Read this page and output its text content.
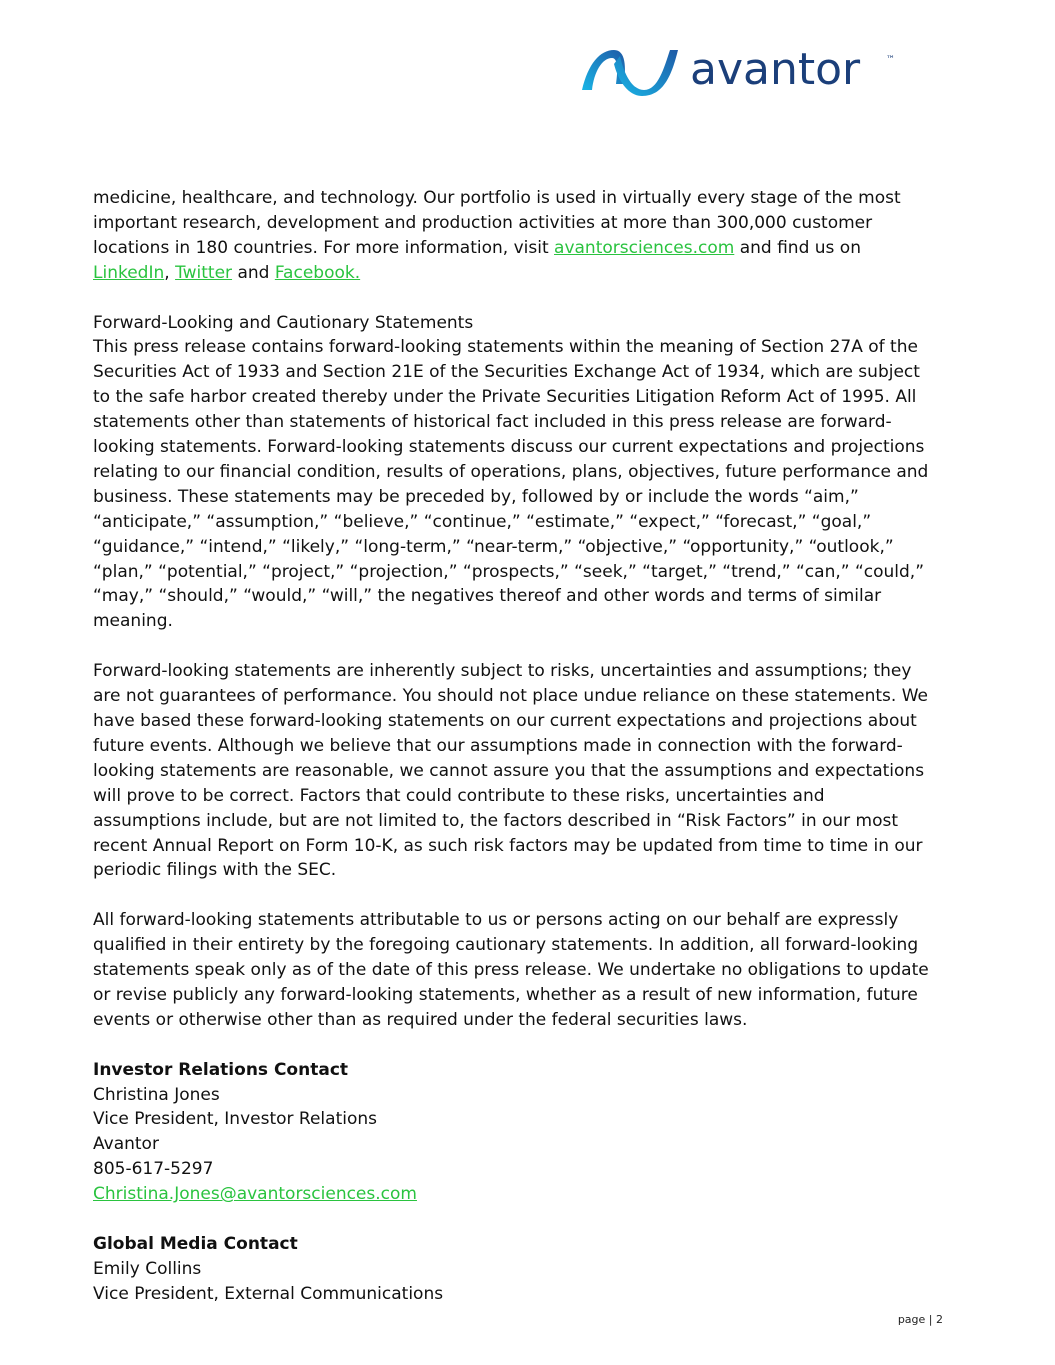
avantor	™

medicine, healthcare, and technology. Our portfolio is used in virtually every stage of the most important research, development and production activities at more than 300,000 customer locations in 180 countries. For more information, visit avantorsciences.com and find us on LinkedIn, Twitter and Facebook.

Forward-Looking and Cautionary Statements

This press release contains forward-looking statements within the meaning of Section 27A of the Securities Act of 1933 and Section 21E of the Securities Exchange Act of 1934, which are subject to the safe harbor created thereby under the Private Securities Litigation Reform Act of 1995. All statements other than statements of historical fact included in this press release are forward-looking statements. Forward-looking statements discuss our current expectations and projections relating to our financial condition, results of operations, plans, objectives, future performance and business. These statements may be preceded by, followed by or include the words “aim,” “anticipate,” “assumption,” “believe,” “continue,” “estimate,” “expect,” “forecast,” “goal,” “guidance,” “intend,” “likely,” “long-term,” “near-term,” “objective,” “opportunity,” “outlook,” “plan,” “potential,” “project,” “projection,” “prospects,” “seek,” “target,” “trend,” “can,” “could,” “may,” “should,” “would,” “will,” the negatives thereof and other words and terms of similar meaning.

Forward-looking statements are inherently subject to risks, uncertainties and assumptions; they are not guarantees of performance. You should not place undue reliance on these statements. We have based these forward-looking statements on our current expectations and projections about future events. Although we believe that our assumptions made in connection with the forward-looking statements are reasonable, we cannot assure you that the assumptions and expectations will prove to be correct. Factors that could contribute to these risks, uncertainties and assumptions include, but are not limited to, the factors described in “Risk Factors” in our most recent Annual Report on Form 10-K, as such risk factors may be updated from time to time in our periodic filings with the SEC.

All forward-looking statements attributable to us or persons acting on our behalf are expressly qualified in their entirety by the foregoing cautionary statements. In addition, all forward-looking statements speak only as of the date of this press release. We undertake no obligations to update or revise publicly any forward-looking statements, whether as a result of new information, future events or otherwise other than as required under the federal securities laws.

Investor Relations Contact

Christina Jones

Vice President, Investor Relations

Avantor

805-617-5297

Christina.Jones@avantorsciences.com

Global Media Contact

Emily Collins

Vice President, External Communications

page | 2
